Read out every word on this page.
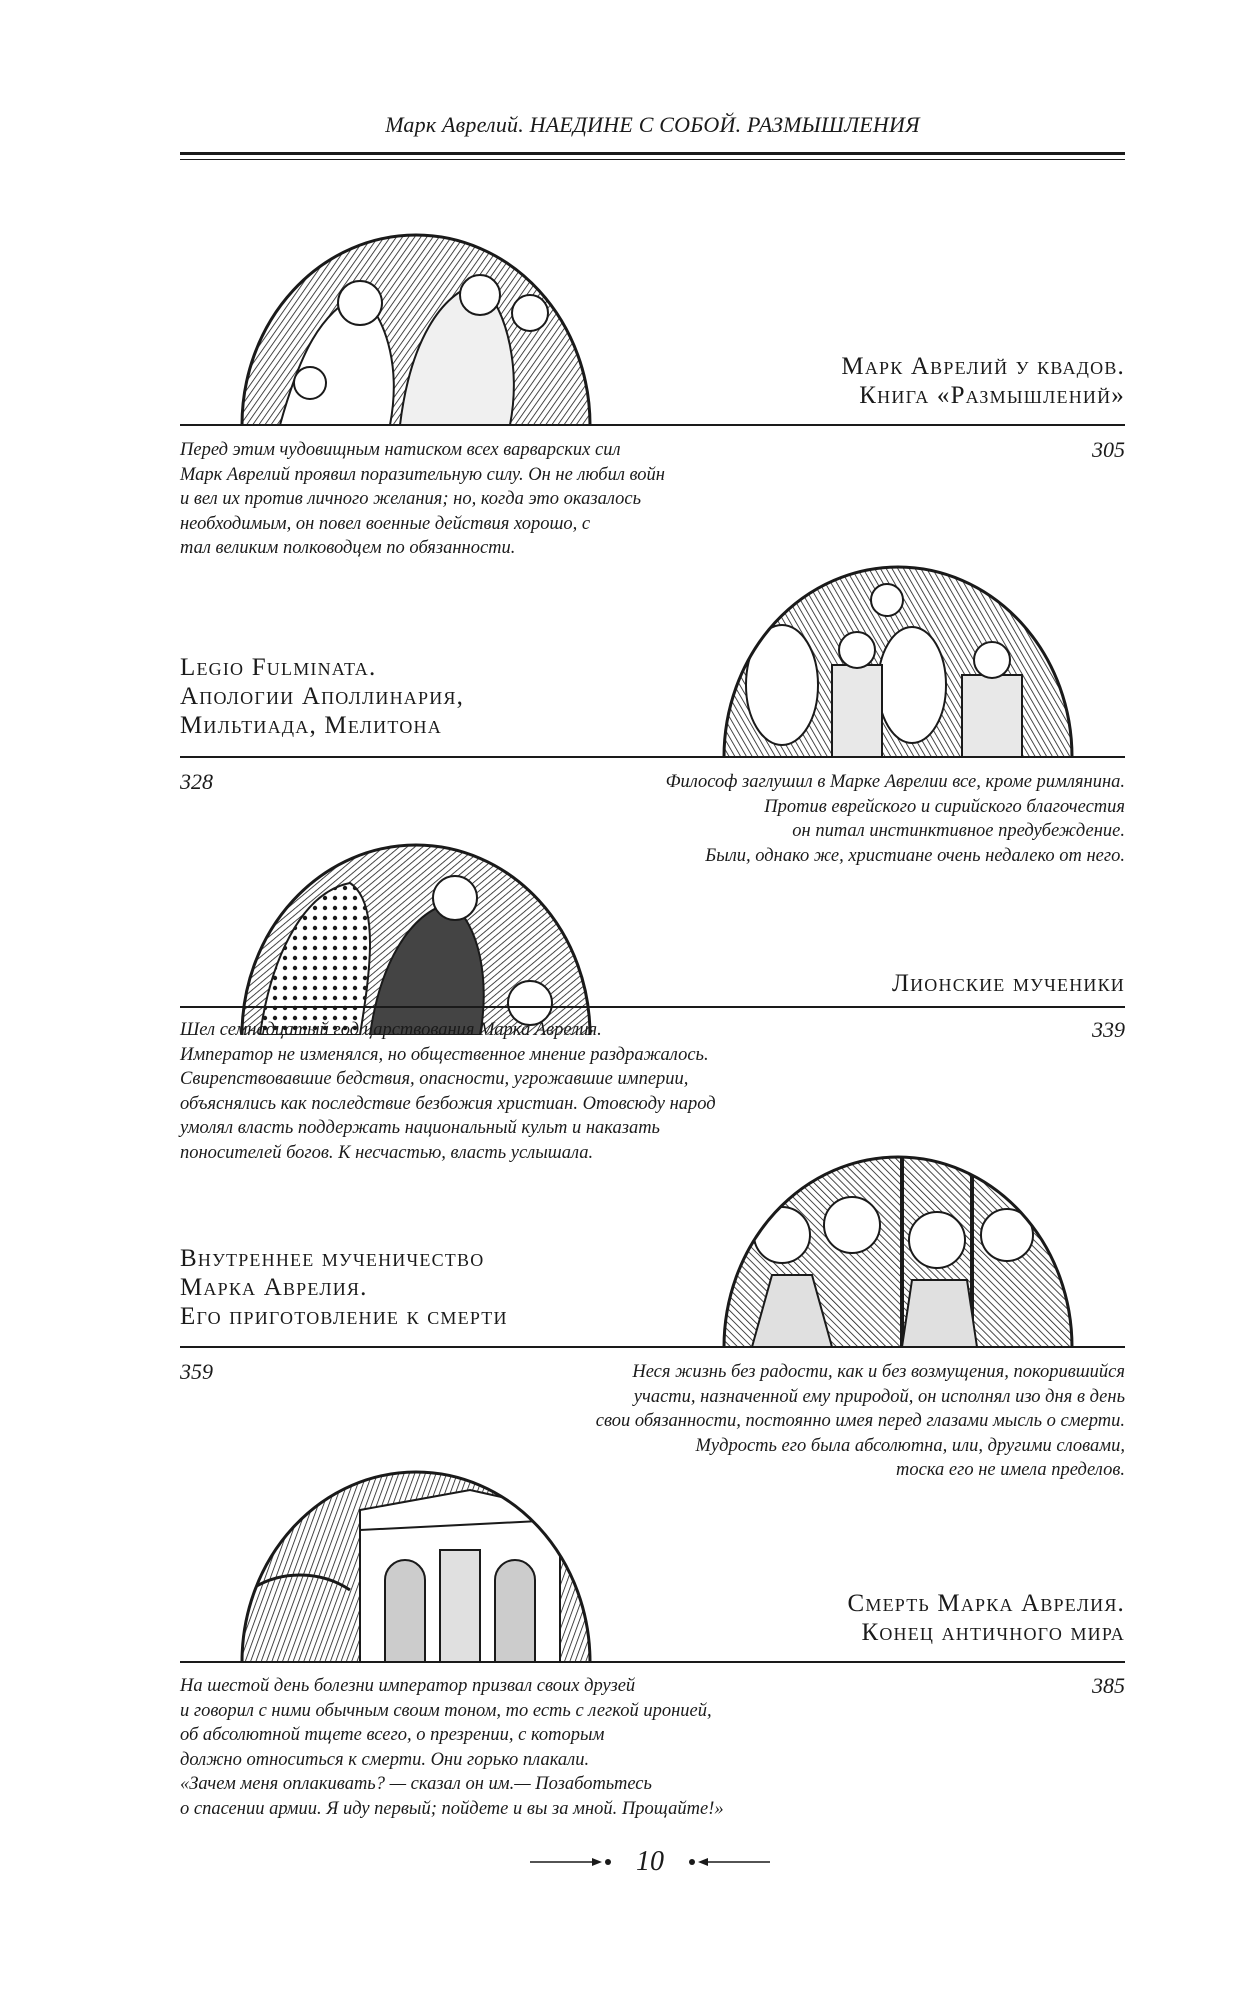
Марк Аврелий. НАЕДИНЕ С СОБОЙ. РАЗМЫШЛЕНИЯ
Марк Аврелий у квадов.
Книга «Размышлений»
Перед этим чудовищным натиском всех варварских сил
Марк Аврелий проявил поразительную силу. Он не любил войн
и вел их против личного желания; но, когда это оказалось
необходимым, он повел военные действия хорошо, с
тал великим полководцем по обязанности.
305
Legio Fulminata.
Апологии Аполлинария,
Мильтиада, Мелитона
328	Философ заглушил в Марке Аврелии все, кроме римлянина.
Против еврейского и сирийского благочестия
он питал инстинктивное предубеждение.
Были, однако же, христиане очень недалеко от него.
Лионские мученики
Шел семнадцатый год царствования Марка Аврелия.
Император не изменялся, но общественное мнение раздражалось.
Свирепствовавшие бедствия, опасности, угрожавшие империи,
объяснялись как последствие безбожия христиан. Отовсюду народ
умолял власть поддержать национальный культ и наказать
поносителей богов. К несчастью, власть услышала.
339
Внутреннее мученичество
Марка Аврелия.
Его приготовление к смерти
359	Неся жизнь без радости, как и без возмущения, покорившийся
участи, назначенной ему природой, он исполнял изо дня в день
свои обязанности, постоянно имея перед глазами мысль о смерти.
Мудрость его была абсолютна, или, другими словами,
тоска его не имела пределов.
Смерть Марка Аврелия.
Конец античного мира
На шестой день болезни император призвал своих друзей
и говорил с ними обычным своим тоном, то есть с легкой иронией,
об абсолютной тщете всего, о презрении, с которым
должно относиться к смерти. Они горько плакали.
«Зачем меня оплакивать? — сказал он им.— Позаботьтесь
о спасении армии. Я иду первый; пойдете и вы за мной. Прощайте!»
385
10
